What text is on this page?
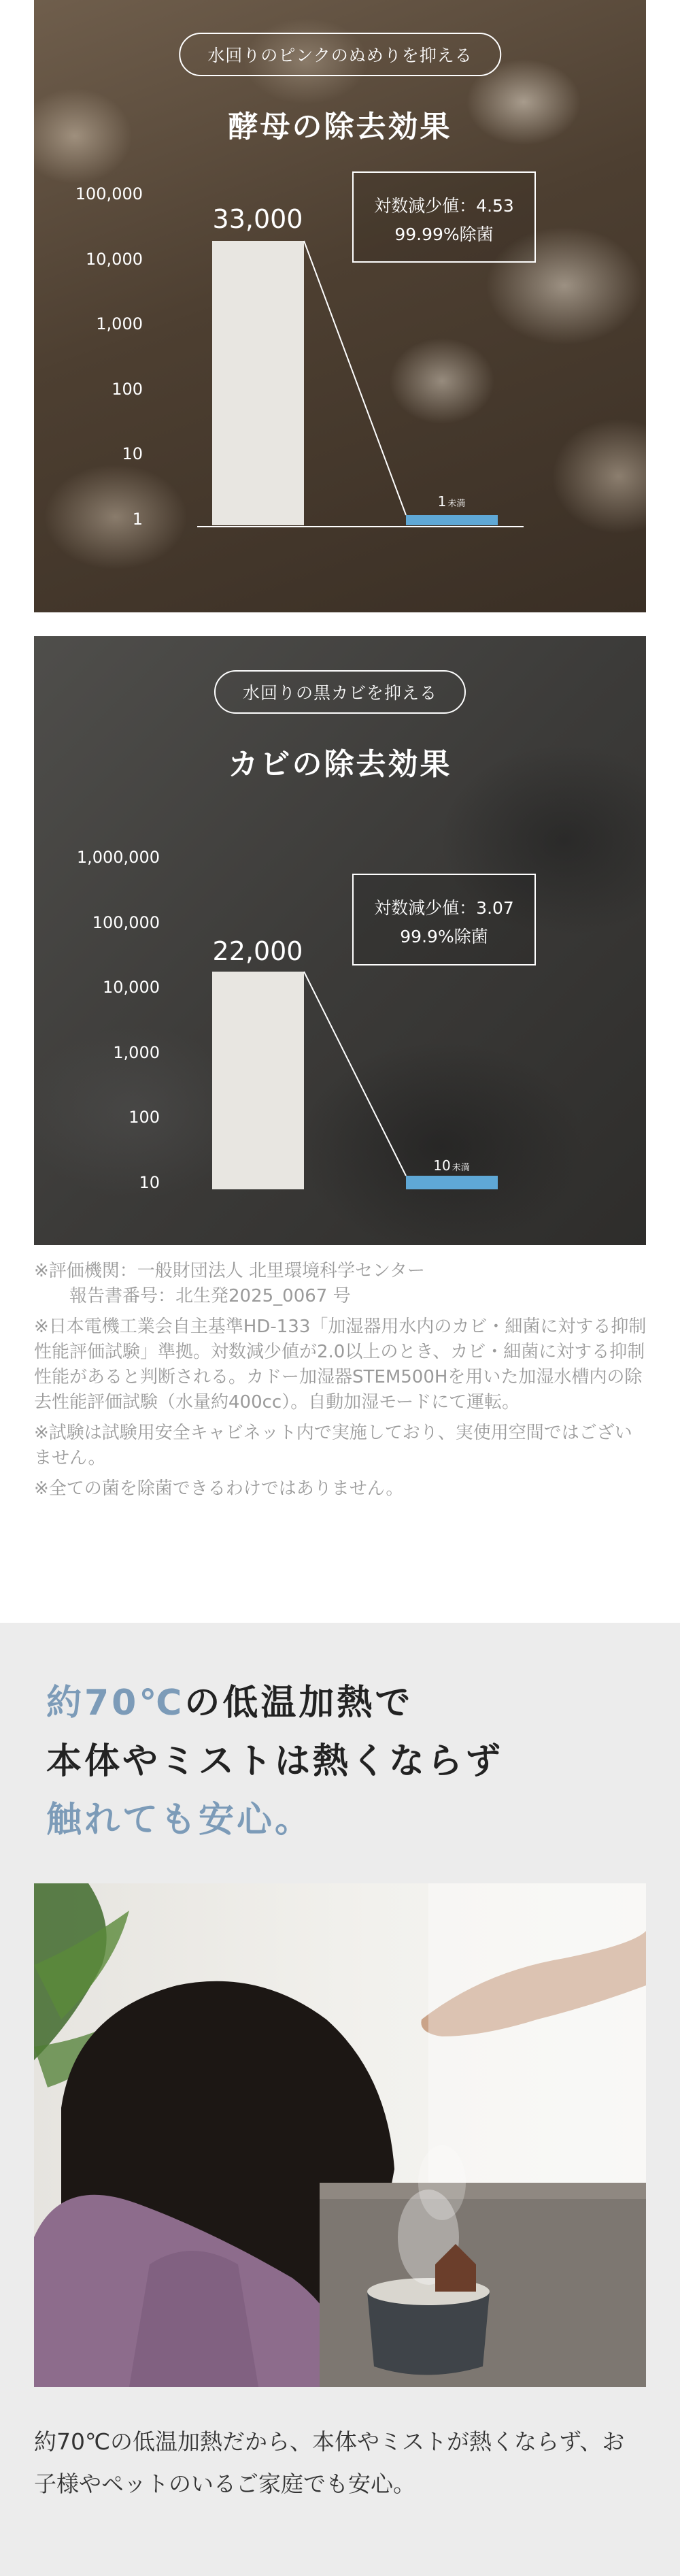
水回りのピンクのぬめりを抑える
酵母の除去効果
100,000
10,000
1,000
100
10
1
33,000
1 未満
対数減少値：4.53
99.99%除菌
水回りの黒カビを抑える
カビの除去効果
1,000,000
100,000
10,000
1,000
100
10
22,000
10 未満
対数減少値：3.07
99.9%除菌

※評価機関：一般財団法人 北里環境科学センター
報告書番号：北生発2025_0067 号

※日本電機工業会自主基準HD-133「加湿器用水内のカビ・細菌に対する抑制性能評価試験」準拠。対数減少値が2.0以上のとき、カビ・細菌に対する抑制性能があると判断される。カドー加湿器STEM500Hを用いた加湿水槽内の除去性能評価試験（水量約400cc）。自動加湿モードにて運転。

※試験は試験用安全キャビネット内で実施しており、実使用空間ではございません。

※全ての菌を除菌できるわけではありません。

約70℃の低温加熱で
本体やミストは熱くならず
触れても安心。
約70℃の低温加熱だから、本体やミストが熱くならず、お子様やペットのいるご家庭でも安心。
